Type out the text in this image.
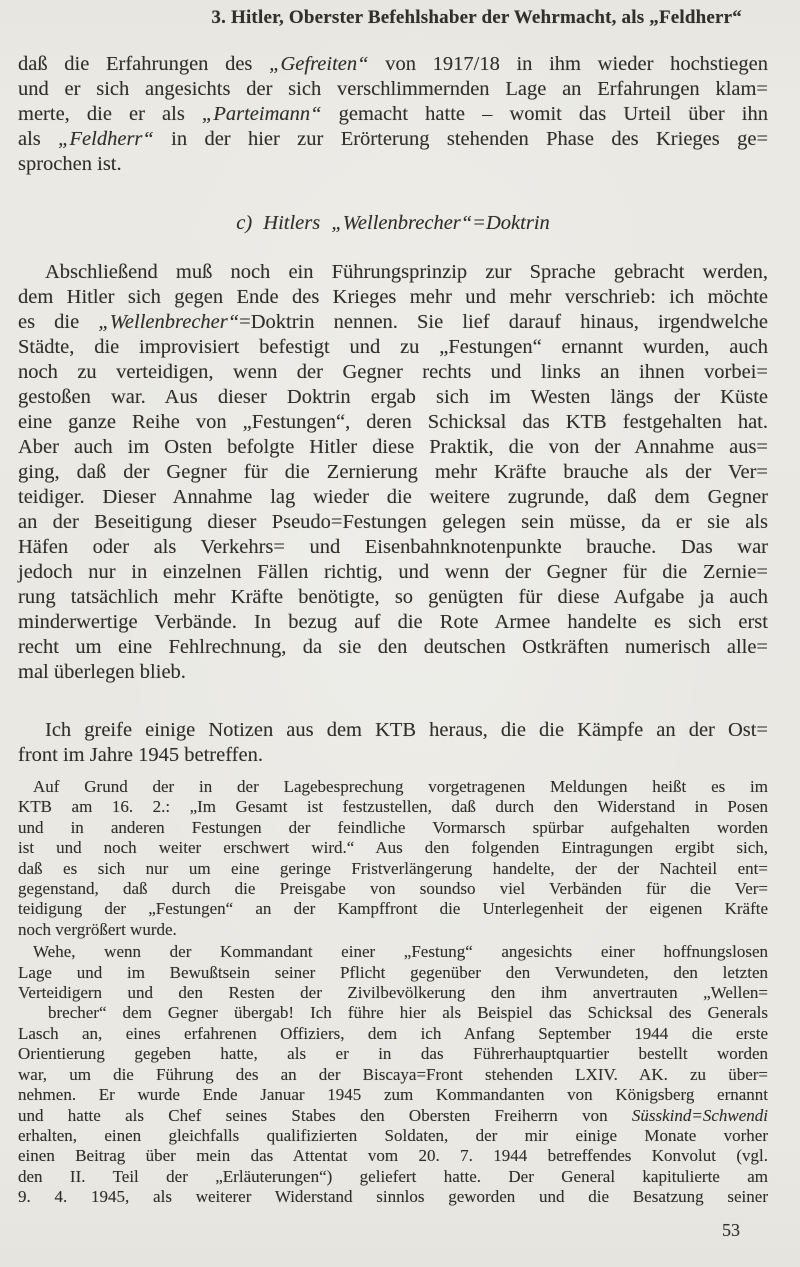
3. Hitler, Oberster Befehlshaber der Wehrmacht, als „Feldherr“
daß die Erfahrungen des „Gefreiten“ von 1917/18 in ihm wieder hochstiegen
und er sich angesichts der sich verschlimmernden Lage an Erfahrungen klam=
merte, die er als „Parteimann“ gemacht hatte – womit das Urteil über ihn
als „Feldherr“ in der hier zur Erörterung stehenden Phase des Krieges ge=
sprochen ist.
c) Hitlers „Wellenbrecher“=Doktrin
Abschließend muß noch ein Führungsprinzip zur Sprache gebracht werden,
dem Hitler sich gegen Ende des Krieges mehr und mehr verschrieb: ich möchte
es die „Wellenbrecher“=Doktrin nennen. Sie lief darauf hinaus, irgendwelche
Städte, die improvisiert befestigt und zu „Festungen“ ernannt wurden, auch
noch zu verteidigen, wenn der Gegner rechts und links an ihnen vorbei=
gestoßen war. Aus dieser Doktrin ergab sich im Westen längs der Küste
eine ganze Reihe von „Festungen“, deren Schicksal das KTB festgehalten hat.
Aber auch im Osten befolgte Hitler diese Praktik, die von der Annahme aus=
ging, daß der Gegner für die Zernierung mehr Kräfte brauche als der Ver=
teidiger. Dieser Annahme lag wieder die weitere zugrunde, daß dem Gegner
an der Beseitigung dieser Pseudo=Festungen gelegen sein müsse, da er sie als
Häfen oder als Verkehrs= und Eisenbahnknotenpunkte brauche. Das war
jedoch nur in einzelnen Fällen richtig, und wenn der Gegner für die Zernie=
rung tatsächlich mehr Kräfte benötigte, so genügten für diese Aufgabe ja auch
minderwertige Verbände. In bezug auf die Rote Armee handelte es sich erst
recht um eine Fehlrechnung, da sie den deutschen Ostkräften numerisch alle=
mal überlegen blieb.
Ich greife einige Notizen aus dem KTB heraus, die die Kämpfe an der Ost=
front im Jahre 1945 betreffen.
Auf Grund der in der Lagebesprechung vorgetragenen Meldungen heißt es im
KTB am 16. 2.: „Im Gesamt ist festzustellen, daß durch den Widerstand in Posen
und in anderen Festungen der feindliche Vormarsch spürbar aufgehalten worden
ist und noch weiter erschwert wird.“ Aus den folgenden Eintragungen ergibt sich,
daß es sich nur um eine geringe Fristverlängerung handelte, der der Nachteil ent=
gegenstand, daß durch die Preisgabe von soundso viel Verbänden für die Ver=
teidigung der „Festungen“ an der Kampffront die Unterlegenheit der eigenen Kräfte
noch vergrößert wurde.
Wehe, wenn der Kommandant einer „Festung“ angesichts einer hoffnungslosen
Lage und im Bewußtsein seiner Pflicht gegenüber den Verwundeten, den letzten
Verteidigern und den Resten der Zivilbevölkerung den ihm anvertrauten „Wellen=
brecher“ dem Gegner übergab! Ich führe hier als Beispiel das Schicksal des Generals
Lasch an, eines erfahrenen Offiziers, dem ich Anfang September 1944 die erste
Orientierung gegeben hatte, als er in das Führerhauptquartier bestellt worden
war, um die Führung des an der Biscaya=Front stehenden LXIV. AK. zu über=
nehmen. Er wurde Ende Januar 1945 zum Kommandanten von Königsberg ernannt
und hatte als Chef seines Stabes den Obersten Freiherrn von Süsskind=Schwendi
erhalten, einen gleichfalls qualifizierten Soldaten, der mir einige Monate vorher
einen Beitrag über mein das Attentat vom 20. 7. 1944 betreffendes Konvolut (vgl.
den II. Teil der „Erläuterungen“) geliefert hatte. Der General kapitulierte am
9. 4. 1945, als weiterer Widerstand sinnlos geworden und die Besatzung seiner
53
